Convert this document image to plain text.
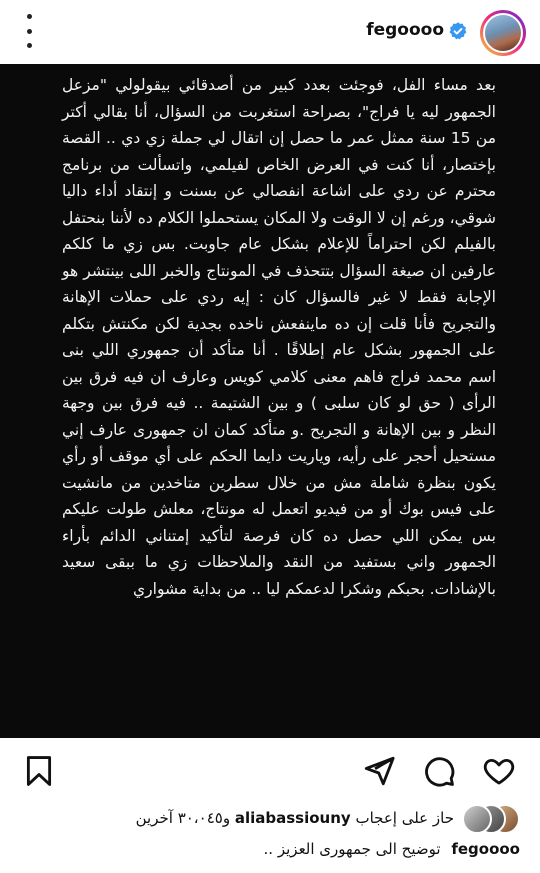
fegoooo
بعد مساء الفل، فوجئت بعدد كبير من أصدقائي بيقولولي "مزعل الجمهور ليه يا فراج"، بصراحة استغربت من السؤال، أنا بقالي أكتر من 15 سنة ممثل عمر ما حصل إن اتقال لي جملة زي دي .. القصة بإختصار، أنا كنت في العرض الخاص لفيلمي، واتسألت من برنامج محترم عن ردي على اشاعة انفصالي عن بسنت و إنتقاد أداء داليا شوقي، ورغم إن لا الوقت ولا المكان يستحملوا الكلام ده لأننا بنحتفل بالفيلم لكن احتراماً للإعلام بشكل عام جاوبت. بس زي ما كلكم عارفين ان صيغة السؤال بتتحذف في المونتاج والخبر اللى بينتشر هو الإجابة فقط لا غير فالسؤال كان : إيه ردي على حملات الإهانة والتجريح فأنا قلت إن ده ماينفعش ناخده بجدية لكن مكنتش بتكلم على الجمهور بشكل عام إطلاقًا . أنا متأكد أن جمهوري اللي بنى اسم محمد فراج فاهم معنى كلامي كويس وعارف ان فيه فرق بين الرأى ( حق لو كان سلبى ) و بين الشتيمة .. فيه فرق بين وجهة النظر و بين الإهانة و التجريح .و متأكد كمان ان جمهورى عارف إني مستحيل أحجر على رأيه، وياريت دايما الحكم على أي موقف أو رأي يكون بنظرة شاملة مش من خلال سطرين متاخدين من مانشيت على فيس بوك أو من فيديو اتعمل له مونتاج، معلش طولت عليكم بس يمكن اللي حصل ده كان فرصة لتأكيد إمتناني الدائم بأراء الجمهور واني بستفيد من النقد والملاحظات زي ما ببقى سعيد بالإشادات. بحبكم وشكرا لدعمكم ليا .. من بداية مشواري
حاز على إعجاب aliabassiouny و٣٠،٠٤٥ آخرين
fegoooo توضيح الى جمهورى العزيز ..
